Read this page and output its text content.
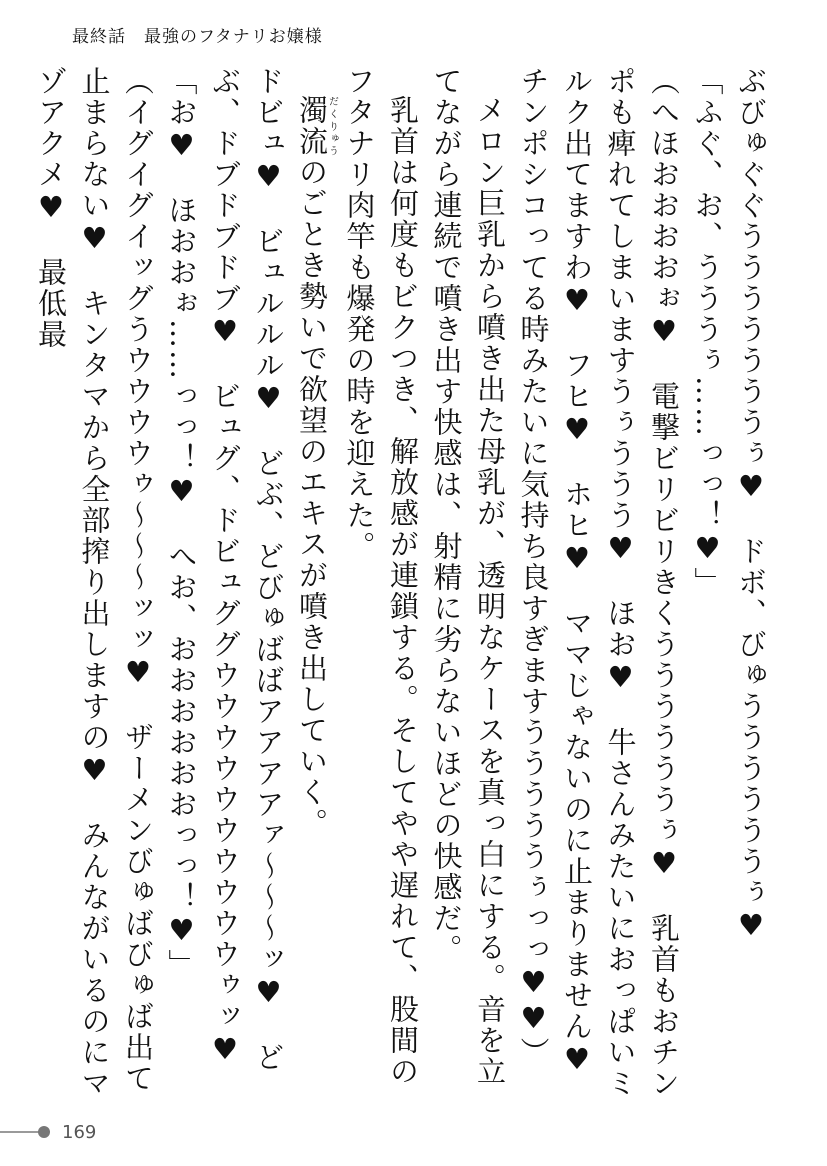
最終話 最強のフタナリお嬢様

ぶびゅぐぐうううううううぅ♥　ドボ、びゅううううううぅ♥

「ふぐ、お、うううぅ……っっ！♥」

（へほおおおおぉ♥　電撃ビリビリきくううううううぅ♥　乳首もおチンポも痺れてしまいますうぅううう♥　ほお♥　牛さんみたいにおっぱいミルク出てますわ♥　フヒ♥　ホヒ♥　ママじゃないのに止まりません♥　チンポシコってる時みたいに気持ち良すぎますうううううぅっっ♥♥）

メロン巨乳から噴き出た母乳が、透明なケースを真っ白にする。音を立てながら連続で噴き出す快感は、射精に劣らないほどの快感だ。

乳首は何度もビクつき、解放感が連鎖する。そしてやや遅れて、股間のフタナリ肉竿も爆発の時を迎えた。

濁流だくりゅうのごとき勢いで欲望のエキスが噴き出していく。

ドビュ♥　ビュルルル♥　どぶ、どびゅばばアアアアァ〜〜〜ッ♥　どぶ、ドブドブドブ♥　ビュグ、ドビュググウウウウウウウウウウゥッ♥

「お♥　ほおおぉ……っっ！♥　へお、おおおおおおっっ！♥」

（イグイグイッグうウウウウゥ〜〜〜ッッ♥　ザーメンびゅばびゅば出て止まらない♥　キンタマから全部搾り出しますの♥　みんながいるのにマゾアクメ♥　最低最

169
